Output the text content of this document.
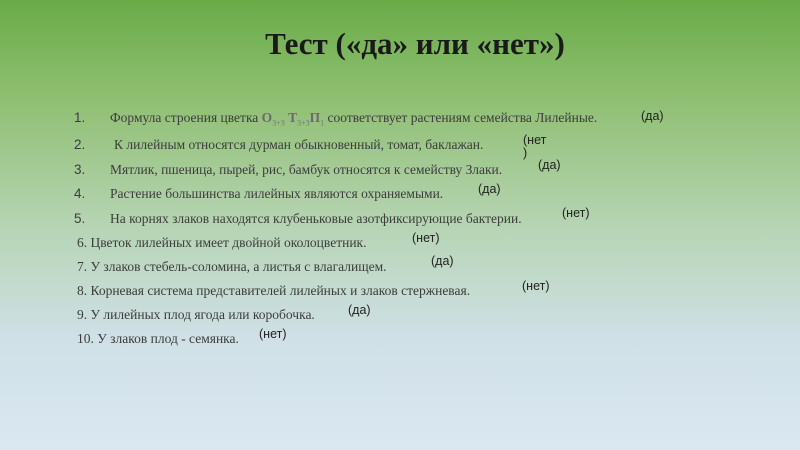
Тест («да» или «нет»)
1. Формула строения цветка $О_{3+3}$ $Т_{3+3}П_1$ соответствует растениям семейства Лилейные.	(да)
2. К лилейным относятся дурман обыкновенный, томат, баклажан.	(нет
)
3. Мятлик, пшеница, пырей, рис, бамбук относятся к семейству Злаки.	(да)
4. Растение большинства лилейных являются охраняемыми.	(да)
5. На корнях злаков находятся клубеньковые азотфиксирующие бактерии.	(нет)
6. Цветок лилейных имеет двойной околоцветник.	(нет)
7. У злаков стебель-соломина, а листья с влагалищем.	(да)
8. Корневая система представителей лилейных и злаков стержневая.	(нет)
9. У лилейных плод ягода или коробочка.	(да)
10. У злаков плод - семянка. (нет)
